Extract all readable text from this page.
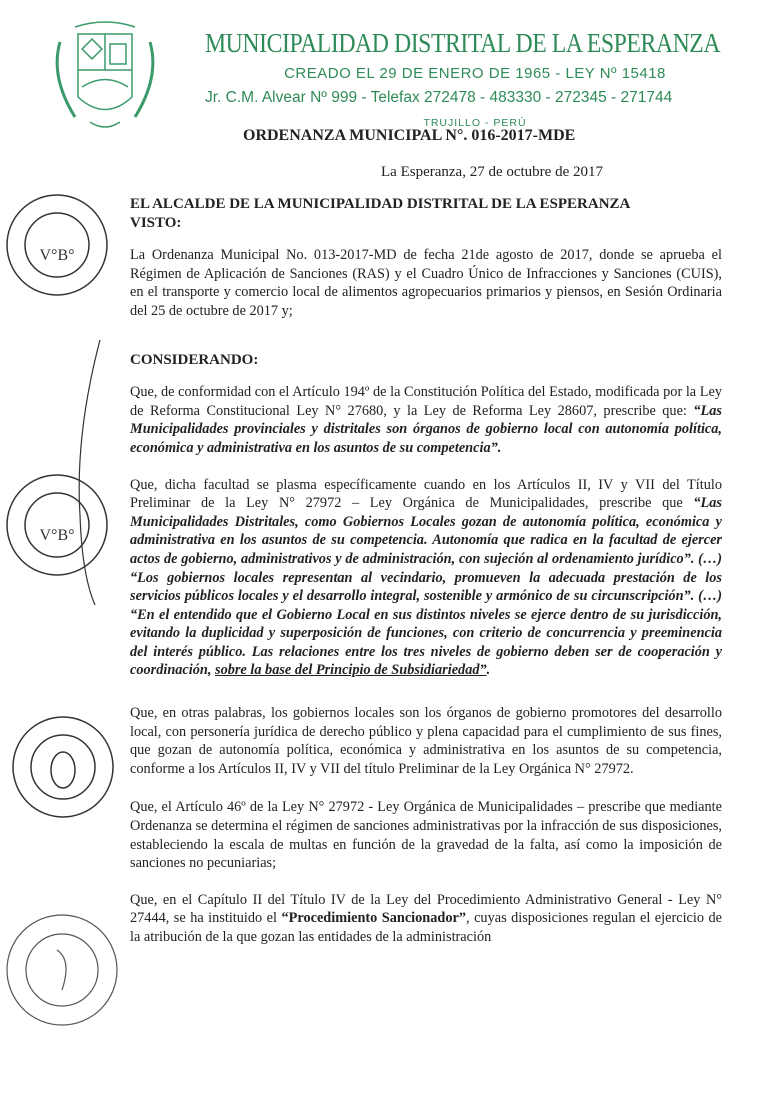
MUNICIPALIDAD DISTRITAL DE LA ESPERANZA
CREADO EL 29 DE ENERO DE 1965 - LEY Nº 15418
Jr. C.M. Alvear Nº 999 - Telefax 272478 - 483330 - 272345 - 271744
TRUJILLO - PERÚ
ORDENANZA MUNICIPAL N°. 016-2017-MDE
La Esperanza, 27 de octubre de 2017
EL ALCALDE DE LA MUNICIPALIDAD DISTRITAL DE LA ESPERANZA
VISTO:

La Ordenanza Municipal No. 013-2017-MD de fecha 21de agosto de 2017, donde se aprueba el Régimen de Aplicación de Sanciones (RAS) y el Cuadro Único de Infracciones y Sanciones (CUIS), en el transporte y comercio local de alimentos agropecuarios primarios y piensos, en Sesión Ordinaria del 25 de octubre de 2017 y;

CONSIDERANDO:

Que, de conformidad con el Artículo 194º de la Constitución Política del Estado, modificada por la Ley de Reforma Constitucional Ley N° 27680, y la Ley de Reforma Ley 28607, prescribe que: “Las Municipalidades provinciales y distritales son órganos de gobierno local con autonomía política, económica y administrativa en los asuntos de su competencia”.

Que, dicha facultad se plasma específicamente cuando en los Artículos II, IV y VII del Título Preliminar de la Ley N° 27972 – Ley Orgánica de Municipalidades, prescribe que “Las Municipalidades Distritales, como Gobiernos Locales gozan de autonomía política, económica y administrativa en los asuntos de su competencia. Autonomía que radica en la facultad de ejercer actos de gobierno, administrativos y de administración, con sujeción al ordenamiento jurídico”. (…) “Los gobiernos locales representan al vecindario, promueven la adecuada prestación de los servicios públicos locales y el desarrollo integral, sostenible y armónico de su circunscripción”. (…) “En el entendido que el Gobierno Local en sus distintos niveles se ejerce dentro de su jurisdicción, evitando la duplicidad y superposición de funciones, con criterio de concurrencia y preeminencia del interés público. Las relaciones entre los tres niveles de gobierno deben ser de cooperación y coordinación, sobre la base del Principio de Subsidiariedad”.

Que, en otras palabras, los gobiernos locales son los órganos de gobierno promotores del desarrollo local, con personería jurídica de derecho público y plena capacidad para el cumplimiento de sus fines, que gozan de autonomía política, económica y administrativa en los asuntos de su competencia, conforme a los Artículos II, IV y VII del título Preliminar de la Ley Orgánica N° 27972.

Que, el Artículo 46º de la Ley N° 27972 - Ley Orgánica de Municipalidades – prescribe que mediante Ordenanza se determina el régimen de sanciones administrativas por la infracción de sus disposiciones, estableciendo la escala de multas en función de la gravedad de la falta, así como la imposición de sanciones no pecuniarias;

Que, en el Capítulo II del Título IV de la Ley del Procedimiento Administrativo General - Ley N° 27444, se ha instituido el “Procedimiento Sancionador”, cuyas disposiciones regulan el ejercicio de la atribución de la que gozan las entidades de la administración

V°B°
V°B°
